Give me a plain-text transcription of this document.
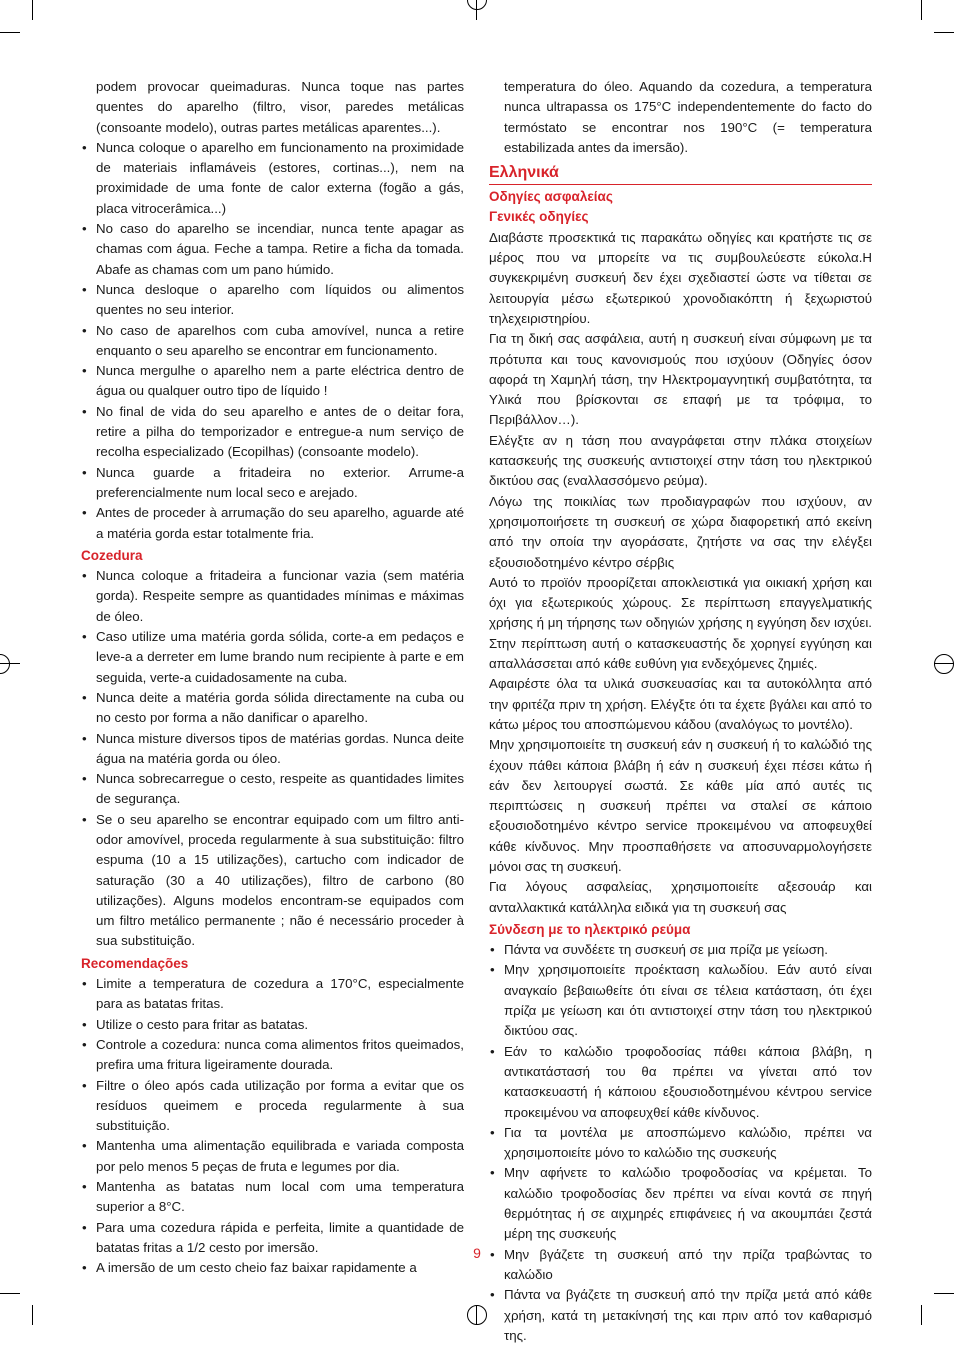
podem provocar queimaduras. Nunca toque nas partes quentes do aparelho (filtro, visor, paredes metálicas (consoante modelo), outras partes metálicas aparentes...).

• Nunca coloque o aparelho em funcionamento na proximidade de materiais inflamáveis (estores, cortinas...), nem na proximidade de uma fonte de calor externa (fogão a gás, placa vitrocerâmica...)
• No caso do aparelho se incendiar, nunca tente apagar as chamas com água. Feche a tampa. Retire a ficha da tomada. Abafe as chamas com um pano húmido.
• Nunca desloque o aparelho com líquidos ou alimentos quentes no seu interior.
• No caso de aparelhos com cuba amovível, nunca a retire enquanto o seu aparelho se encontrar em funcionamento.
• Nunca mergulhe o aparelho nem a parte eléctrica dentro de água ou qualquer outro tipo de líquido !
• No final de vida do seu aparelho e antes de o deitar fora, retire a pilha do temporizador e entregue-a num serviço de recolha especializado (Ecopilhas) (consoante modelo).
• Nunca guarde a fritadeira no exterior. Arrume-a preferencialmente num local seco e arejado.
• Antes de proceder à arrumação do seu aparelho, aguarde até a matéria gorda estar totalmente fria.
Cozedura
• Nunca coloque a fritadeira a funcionar vazia (sem matéria gorda). Respeite sempre as quantidades mínimas e máximas de óleo.
• Caso utilize uma matéria gorda sólida, corte-a em pedaços e leve-a a derreter em lume brando num recipiente à parte e em seguida, verte-a cuidadosamente na cuba.
• Nunca deite a matéria gorda sólida directamente na cuba ou no cesto por forma a não danificar o aparelho.
• Nunca misture diversos tipos de matérias gordas. Nunca deite água na matéria gorda ou óleo.
• Nunca sobrecarregue o cesto, respeite as quantidades limites de segurança.
• Se o seu aparelho se encontrar equipado com um filtro anti-odor amovível, proceda regularmente à sua substituição: filtro espuma (10 a 15 utilizações), cartucho com indicador de saturação (30 a 40 utilizações), filtro de carbono (80 utilizações). Alguns modelos encontram-se equipados com um filtro metálico permanente ; não é necessário proceder à sua substituição.
Recomendações
• Limite a temperatura de cozedura a 170°C, especialmente para as batatas fritas.
• Utilize o cesto para fritar as batatas.
• Controle a cozedura: nunca coma alimentos fritos queimados, prefira uma fritura ligeiramente dourada.
• Filtre o óleo após cada utilização por forma a evitar que os resíduos queimem e proceda regularmente à sua substituição.
• Mantenha uma alimentação equilibrada e variada composta por pelo menos 5 peças de fruta e legumes por dia.
• Mantenha as batatas num local com uma temperatura superior a 8°C.
• Para uma cozedura rápida e perfeita, limite a quantidade de batatas fritas a 1/2 cesto por imersão.
• A imersão de um cesto cheio faz baixar rapidamente a

temperatura do óleo. Aquando da cozedura, a temperatura nunca ultrapassa os 175°C independentemente do facto do termóstato se encontrar nos 190°C (= temperatura estabilizada antes da imersão).

Ελληνικά
Οδηγίες ασφαλείας
Γενικές οδηγίες

Διαβάστε προσεκτικά τις παρακάτω οδηγίες και κρατήστε τις σε μέρος που να μπορείτε να τις συμβουλεύεστε εύκολα.Η συγκεκριμένη συσκευή δεν έχει σχεδιαστεί ώστε να τίθεται σε λειτουργία μέσω εξωτερικού χρονοδιακόπτη ή ξεχωριστού τηλεχειριστηρίου.

Για τη δική σας ασφάλεια, αυτή η συσκευή είναι σύμφωνη με τα πρότυπα και τους κανονισμούς που ισχύουν (Οδηγίες όσον αφορά τη Χαμηλή τάση, την Ηλεκτρομαγνητική συμβατότητα, τα Υλικά που βρίσκονται σε επαφή με τα τρόφιμα, το Περιβάλλον…).

Ελέγξτε αν η τάση που αναγράφεται στην πλάκα στοιχείων κατασκευής της συσκευής αντιστοιχεί στην τάση του ηλεκτρικού δικτύου σας (εναλλασσόμενο ρεύμα).

Λόγω της ποικιλίας των προδιαγραφών που ισχύουν, αν χρησιμοποιήσετε τη συσκευή σε χώρα διαφορετική από εκείνη από την οποία την αγοράσατε, ζητήστε να σας την ελέγξει εξουσιοδοτημένο κέντρο σέρβις

Αυτό το προϊόν προορίζεται αποκλειστικά για οικιακή χρήση και όχι για εξωτερικούς χώρους. Σε περίπτωση επαγγελματικής χρήσης ή μη τήρησης των οδηγιών χρήσης η εγγύηση δεν ισχύει. Στην περίπτωση αυτή ο κατασκευαστής δε χορηγεί εγγύηση και απαλλάσσεται από κάθε ευθύνη για ενδεχόμενες ζημιές.

Αφαιρέστε όλα τα υλικά συσκευασίας και τα αυτοκόλλητα από την φριτέζα πριν τη χρήση. Ελέγξτε ότι τα έχετε βγάλει και από το κάτω μέρος του αποσπώμενου κάδου (αναλόγως το μοντέλο).

Μην χρησιμοποιείτε τη συσκευή εάν η συσκευή ή το καλώδιό της έχουν πάθει κάποια βλάβη ή εάν η συσκευή έχει πέσει κάτω ή εάν δεν λειτουργεί σωστά. Σε κάθε μία από αυτές τις περιπτώσεις η συσκευή πρέπει να σταλεί σε κάποιο εξουσιοδοτημένο κέντρο service προκειμένου να αποφευχθεί κάθε κίνδυνος. Μην προσπαθήσετε να αποσυναρμολογήσετε μόνοι σας τη συσκευή.

Για λόγους ασφαλείας, χρησιμοποιείτε αξεσουάρ και ανταλλακτικά κατάλληλα ειδικά για τη συσκευή σας

Σύνδεση με το ηλεκτρικό ρεύμα
• Πάντα να συνδέετε τη συσκευή σε μια πρίζα με γείωση.
• Μην χρησιμοποιείτε προέκταση καλωδίου. Εάν αυτό είναι αναγκαίο βεβαιωθείτε ότι είναι σε τέλεια κατάσταση, ότι έχει πρίζα με γείωση και ότι αντιστοιχεί στην τάση του ηλεκτρικού δικτύου σας.
• Εάν το καλώδιο τροφοδοσίας πάθει κάποια βλάβη, η αντικατάστασή του θα πρέπει να γίνεται από τον κατασκευαστή ή κάποιου εξουσιοδοτημένου κέντρου service προκειμένου να αποφευχθεί κάθε κίνδυνος.
• Για τα μοντέλα με αποσπώμενο καλώδιο, πρέπει να χρησιμοποιείτε μόνο το καλώδιο της συσκευής
• Μην αφήνετε το καλώδιο τροφοδοσίας να κρέμεται. Το καλώδιο τροφοδοσίας δεν πρέπει να είναι κοντά σε πηγή θερμότητας ή σε αιχμηρές επιφάνειες ή να ακουμπάει ζεστά μέρη της συσκευής
• Μην βγάζετε τη συσκευή από την πρίζα τραβώντας το καλώδιο
• Πάντα να βγάζετε τη συσκευή από την πρίζα μετά από κάθε χρήση, κατά τη μετακίνησή της και πριν από τον καθαρισμό της.
9
